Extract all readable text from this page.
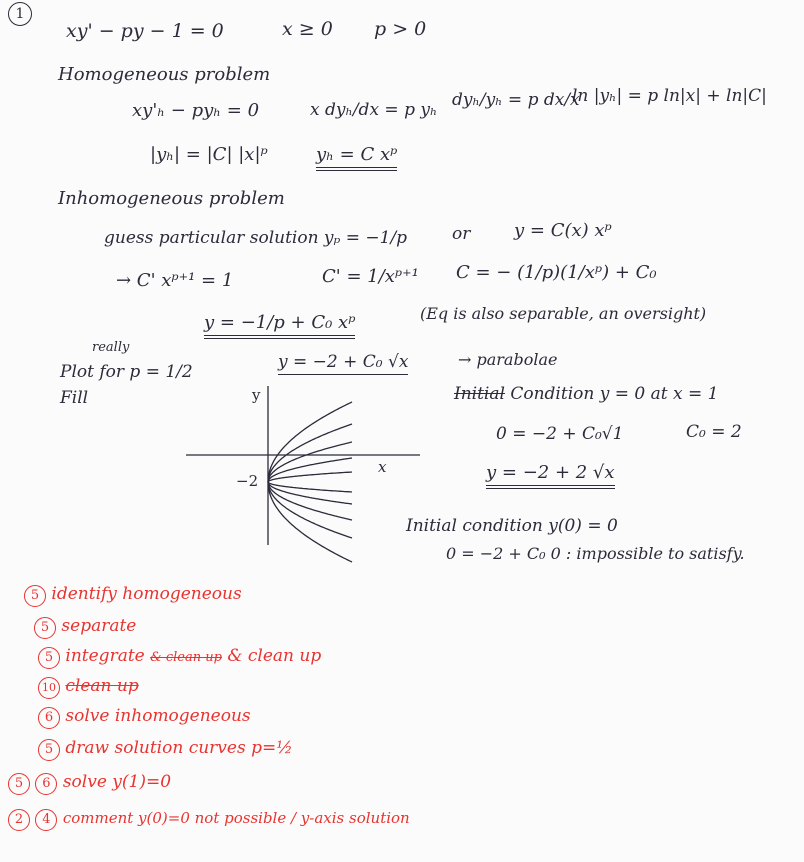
1
xy' − py − 1 = 0	x ≥ 0 p > 0
Homogeneous problem
xy'ₕ − pyₕ = 0	x dyₕ/dx = p yₕ dyₕ/yₕ = p dx/x
ln |yₕ| = p ln|x| + ln|C|
|yₕ| = |C| |x|ᵖ	yₕ = C xᵖ
Inhomogeneous problem
guess particular solution yₚ = −1/p	or y = C(x) xᵖ
→ C' xᵖ⁺¹ = 1	C' = 1/xᵖ⁺¹ C = − (1/p)(1/xᵖ) + C₀
y = −1/p + C₀ xᵖ	(Eq is also separable, an oversight)
really
Plot for p = 1/2
Fill
y = −2 + C₀ √x	→ parabolae
y
x
−2
Initial Condition y = 0 at x = 1
0 = −2 + C₀√1	C₀ = 2
y = −2 + 2 √x
Initial condition y(0) = 0
0 = −2 + C₀ 0 : impossible to satisfy.
5 identify homogeneous
5 separate
5 integrate & clean up & clean up
10 clean up
6 solve inhomogeneous
5 draw solution curves p=½
5 6 solve y(1)=0
2 4 comment y(0)=0 not possible / y-axis solution
